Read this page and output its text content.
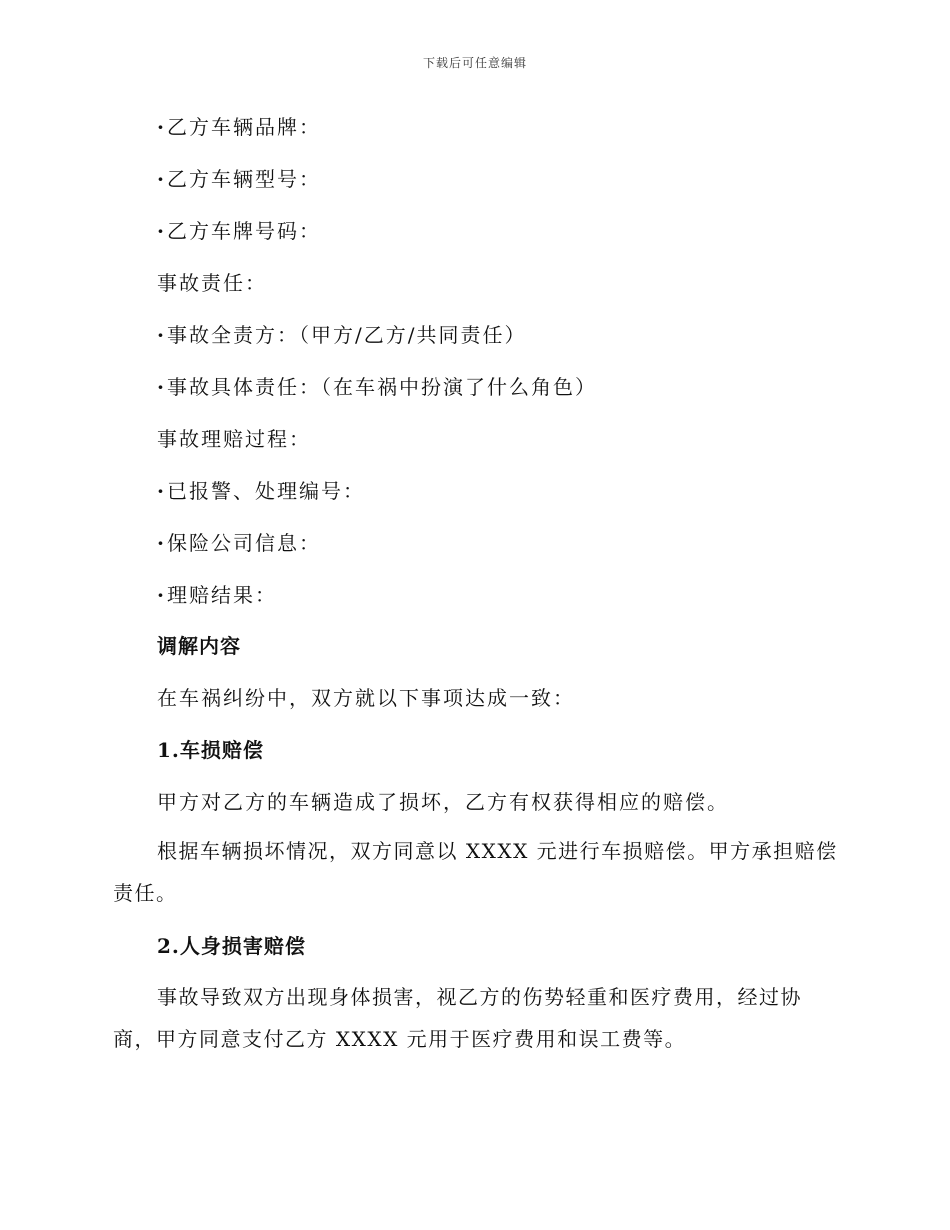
下载后可任意编辑
·乙方车辆品牌：
·乙方车辆型号：
·乙方车牌号码：
事故责任：
·事故全责方：（甲方/乙方/共同责任）
·事故具体责任：（在车祸中扮演了什么角色）
事故理赔过程：
·已报警、处理编号：
·保险公司信息：
·理赔结果：
调解内容
在车祸纠纷中，双方就以下事项达成一致：
1.车损赔偿
甲方对乙方的车辆造成了损坏，乙方有权获得相应的赔偿。
根据车辆损坏情况，双方同意以 XXXX 元进行车损赔偿。甲方承担赔偿责任。
2.人身损害赔偿
事故导致双方出现身体损害，视乙方的伤势轻重和医疗费用，经过协商，甲方同意支付乙方 XXXX 元用于医疗费用和误工费等。
